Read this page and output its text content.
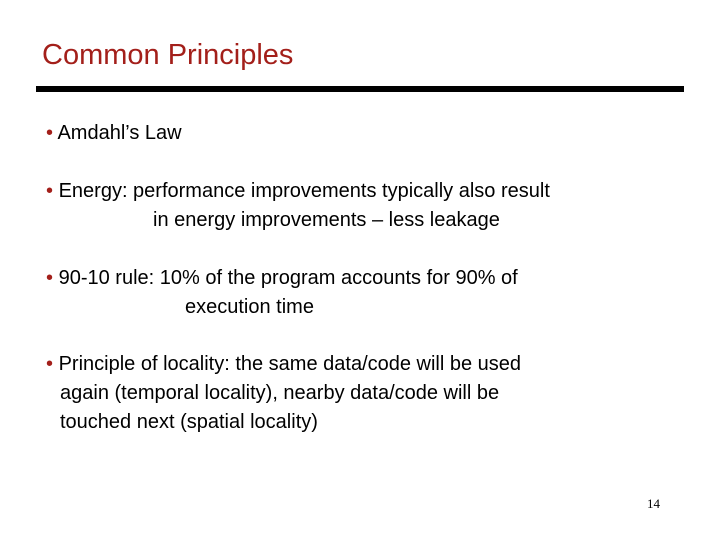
Common Principles

• Amdahl’s Law

• Energy: performance improvements typically also result

in energy improvements – less leakage

• 90-10 rule: 10% of the program accounts for 90% of

execution time

• Principle of locality: the same data/code will be used

again (temporal locality), nearby data/code will be

touched next (spatial locality)

14
